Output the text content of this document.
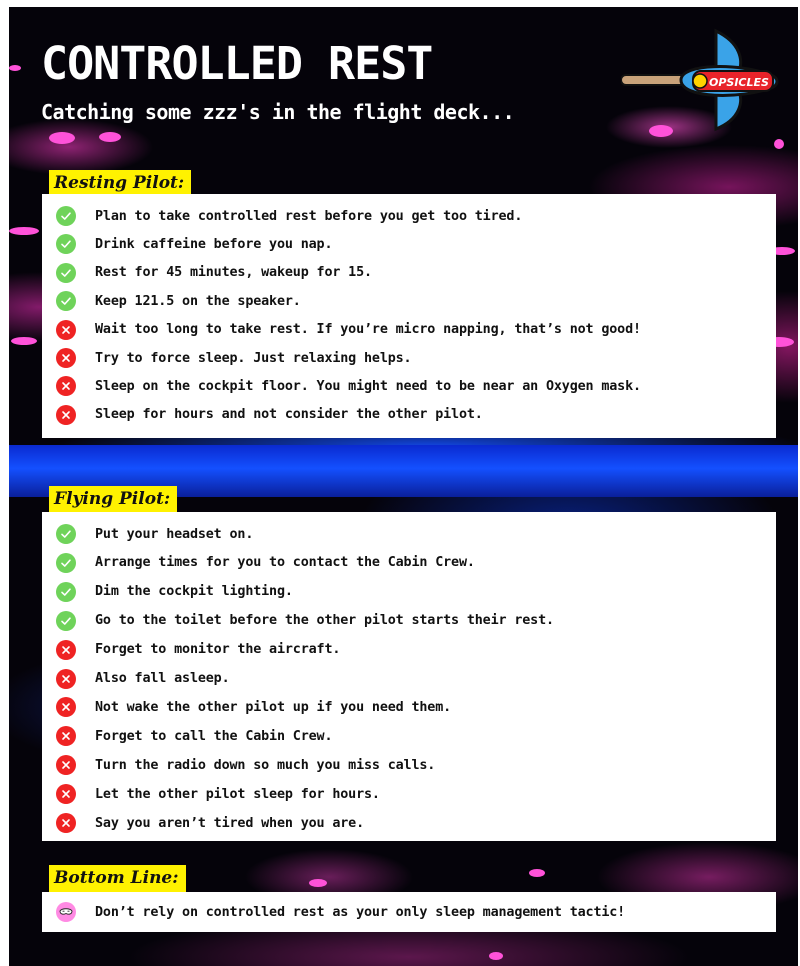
CONTROLLED REST
Catching some zzz's in the flight deck...
OPSICLES
Resting Pilot:
Plan to take controlled rest before you get too tired.
Drink caffeine before you nap.
Rest for 45 minutes, wakeup for 15.
Keep 121.5 on the speaker.
Wait too long to take rest. If you’re micro napping, that’s not good!
Try to force sleep. Just relaxing helps.
Sleep on the cockpit floor. You might need to be near an Oxygen mask.
Sleep for hours and not consider the other pilot.
Flying Pilot:
Put your headset on.
Arrange times for you to contact the Cabin Crew.
Dim the cockpit lighting.
Go to the toilet before the other pilot starts their rest.
Forget to monitor the aircraft.
Also fall asleep.
Not wake the other pilot up if you need them.
Forget to call the Cabin Crew.
Turn the radio down so much you miss calls.
Let the other pilot sleep for hours.
Say you aren’t tired when you are.
Bottom Line:
Don’t rely on controlled rest as your only sleep management tactic!
